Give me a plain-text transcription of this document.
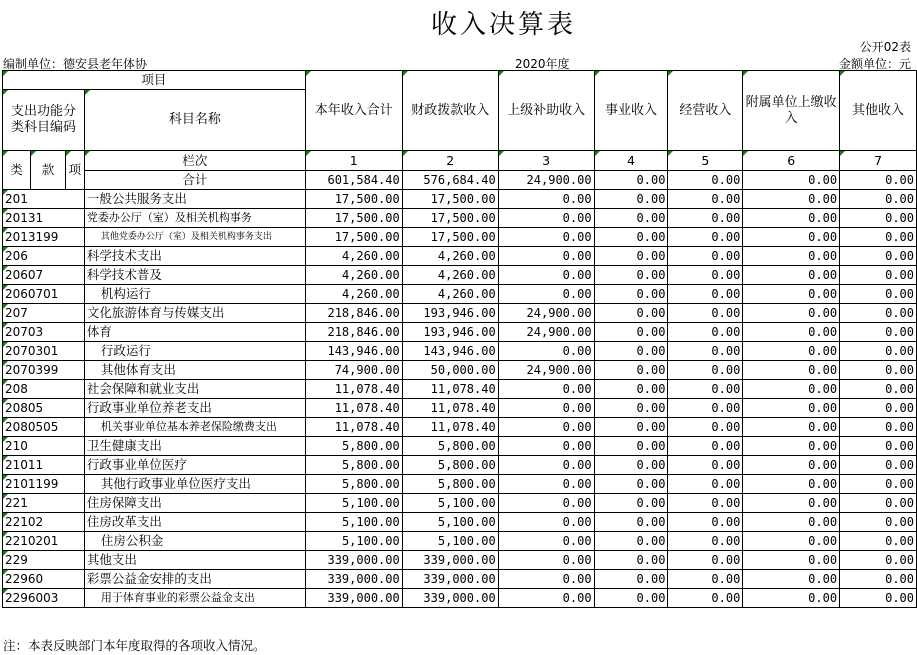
收入决算表
公开02表
编制单位：德安县老年体协	2020年度	金额单位：元
项目				本年收入合计	财政拨款收入	上级补助收入	事业收入	经营收入	附属单位上缴收入	其他收入
支出功能分类科目编码			科目名称							
类	款	项	栏次	1	2	3	4	5	6	7
			合计	601,584.40	576,684.40	24,900.00	0.00	0.00	0.00	0.00
201			一般公共服务支出	17,500.00	17,500.00	0.00	0.00	0.00	0.00	0.00
20131			党委办公厅（室）及相关机构事务	17,500.00	17,500.00	0.00	0.00	0.00	0.00	0.00
2013199			其他党委办公厅（室）及相关机构事务支出	17,500.00	17,500.00	0.00	0.00	0.00	0.00	0.00
206			科学技术支出	4,260.00	4,260.00	0.00	0.00	0.00	0.00	0.00
20607			科学技术普及	4,260.00	4,260.00	0.00	0.00	0.00	0.00	0.00
2060701			机构运行	4,260.00	4,260.00	0.00	0.00	0.00	0.00	0.00
207			文化旅游体育与传媒支出	218,846.00	193,946.00	24,900.00	0.00	0.00	0.00	0.00
20703			体育	218,846.00	193,946.00	24,900.00	0.00	0.00	0.00	0.00
2070301			行政运行	143,946.00	143,946.00	0.00	0.00	0.00	0.00	0.00
2070399			其他体育支出	74,900.00	50,000.00	24,900.00	0.00	0.00	0.00	0.00
208			社会保障和就业支出	11,078.40	11,078.40	0.00	0.00	0.00	0.00	0.00
20805			行政事业单位养老支出	11,078.40	11,078.40	0.00	0.00	0.00	0.00	0.00
2080505			机关事业单位基本养老保险缴费支出	11,078.40	11,078.40	0.00	0.00	0.00	0.00	0.00
210			卫生健康支出	5,800.00	5,800.00	0.00	0.00	0.00	0.00	0.00
21011			行政事业单位医疗	5,800.00	5,800.00	0.00	0.00	0.00	0.00	0.00
2101199			其他行政事业单位医疗支出	5,800.00	5,800.00	0.00	0.00	0.00	0.00	0.00
221			住房保障支出	5,100.00	5,100.00	0.00	0.00	0.00	0.00	0.00
22102			住房改革支出	5,100.00	5,100.00	0.00	0.00	0.00	0.00	0.00
2210201			住房公积金	5,100.00	5,100.00	0.00	0.00	0.00	0.00	0.00
229			其他支出	339,000.00	339,000.00	0.00	0.00	0.00	0.00	0.00
22960			彩票公益金安排的支出	339,000.00	339,000.00	0.00	0.00	0.00	0.00	0.00
2296003			用于体育事业的彩票公益金支出	339,000.00	339,000.00	0.00	0.00	0.00	0.00	0.00
注：本表反映部门本年度取得的各项收入情况。
